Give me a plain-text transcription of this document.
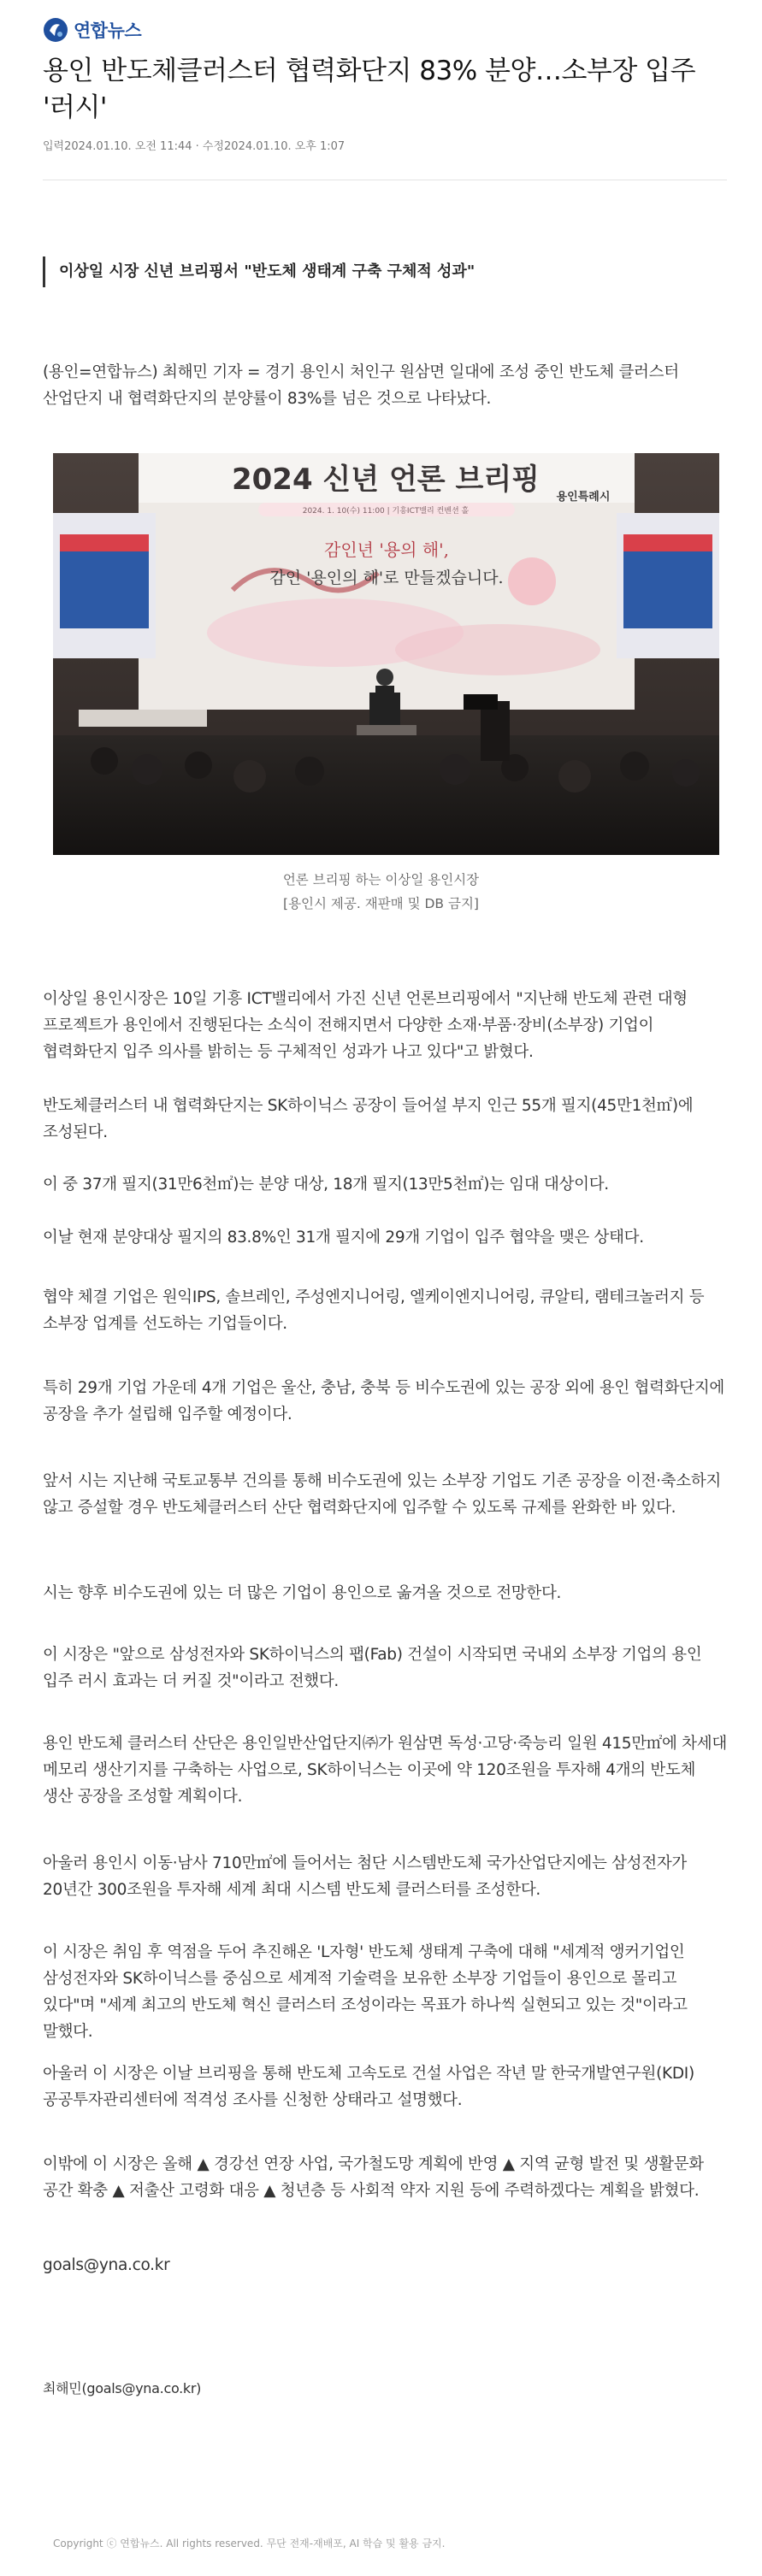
연합뉴스
용인 반도체클러스터 협력화단지 83% 분양…소부장 입주 '러시'
입력2024.01.10. 오전 11:44 · 수정2024.01.10. 오후 1:07
이상일 시장 신년 브리핑서 "반도체 생태계 구축 구체적 성과"

(용인=연합뉴스) 최해민 기자 = 경기 용인시 처인구 원삼면 일대에 조성 중인 반도체 클러스터 산업단지 내 협력화단지의 분양률이 83%를 넘은 것으로 나타났다.

2024 신년 언론 브리핑
2024. 1. 10(수) 11:00 | 기흥ICT밸리 컨벤션 홀
감인년 '용의 해',
감인 '용인의 해'로 만들겠습니다.
용인특례시
언론 브리핑 하는 이상일 용인시장
[용인시 제공. 재판매 및 DB 금지]

이상일 용인시장은 10일 기흥 ICT밸리에서 가진 신년 언론브리핑에서 "지난해 반도체 관련 대형 프로젝트가 용인에서 진행된다는 소식이 전해지면서 다양한 소재·부품·장비(소부장) 기업이 협력화단지 입주 의사를 밝히는 등 구체적인 성과가 나고 있다"고 밝혔다.

반도체클러스터 내 협력화단지는 SK하이닉스 공장이 들어설 부지 인근 55개 필지(45만1천㎡)에 조성된다.

이 중 37개 필지(31만6천㎡)는 분양 대상, 18개 필지(13만5천㎡)는 임대 대상이다.

이날 현재 분양대상 필지의 83.8%인 31개 필지에 29개 기업이 입주 협약을 맺은 상태다.

협약 체결 기업은 원익IPS, 솔브레인, 주성엔지니어링, 엘케이엔지니어링, 큐알티, 램테크놀러지 등 소부장 업계를 선도하는 기업들이다.

특히 29개 기업 가운데 4개 기업은 울산, 충남, 충북 등 비수도권에 있는 공장 외에 용인 협력화단지에 공장을 추가 설립해 입주할 예정이다.

앞서 시는 지난해 국토교통부 건의를 통해 비수도권에 있는 소부장 기업도 기존 공장을 이전·축소하지 않고 증설할 경우 반도체클러스터 산단 협력화단지에 입주할 수 있도록 규제를 완화한 바 있다.

시는 향후 비수도권에 있는 더 많은 기업이 용인으로 옮겨올 것으로 전망한다.

이 시장은 "앞으로 삼성전자와 SK하이닉스의 팹(Fab) 건설이 시작되면 국내외 소부장 기업의 용인 입주 러시 효과는 더 커질 것"이라고 전했다.

용인 반도체 클러스터 산단은 용인일반산업단지㈜가 원삼면 독성·고당·죽능리 일원 415만㎡에 차세대 메모리 생산기지를 구축하는 사업으로, SK하이닉스는 이곳에 약 120조원을 투자해 4개의 반도체 생산 공장을 조성할 계획이다.

아울러 용인시 이동·남사 710만㎡에 들어서는 첨단 시스템반도체 국가산업단지에는 삼성전자가 20년간 300조원을 투자해 세계 최대 시스템 반도체 클러스터를 조성한다.

이 시장은 취임 후 역점을 두어 추진해온 'L자형' 반도체 생태계 구축에 대해 "세계적 앵커기업인 삼성전자와 SK하이닉스를 중심으로 세계적 기술력을 보유한 소부장 기업들이 용인으로 몰리고 있다"며 "세계 최고의 반도체 혁신 클러스터 조성이라는 목표가 하나씩 실현되고 있는 것"이라고 말했다.

아울러 이 시장은 이날 브리핑을 통해 반도체 고속도로 건설 사업은 작년 말 한국개발연구원(KDI) 공공투자관리센터에 적격성 조사를 신청한 상태라고 설명했다.

이밖에 이 시장은 올해 ▲ 경강선 연장 사업, 국가철도망 계획에 반영 ▲ 지역 균형 발전 및 생활문화 공간 확충 ▲ 저출산 고령화 대응 ▲ 청년층 등 사회적 약자 지원 등에 주력하겠다는 계획을 밝혔다.

goals@yna.co.kr

최해민(goals@yna.co.kr)

Copyright ⓒ 연합뉴스. All rights reserved. 무단 전재-재배포, AI 학습 및 활용 금지.
